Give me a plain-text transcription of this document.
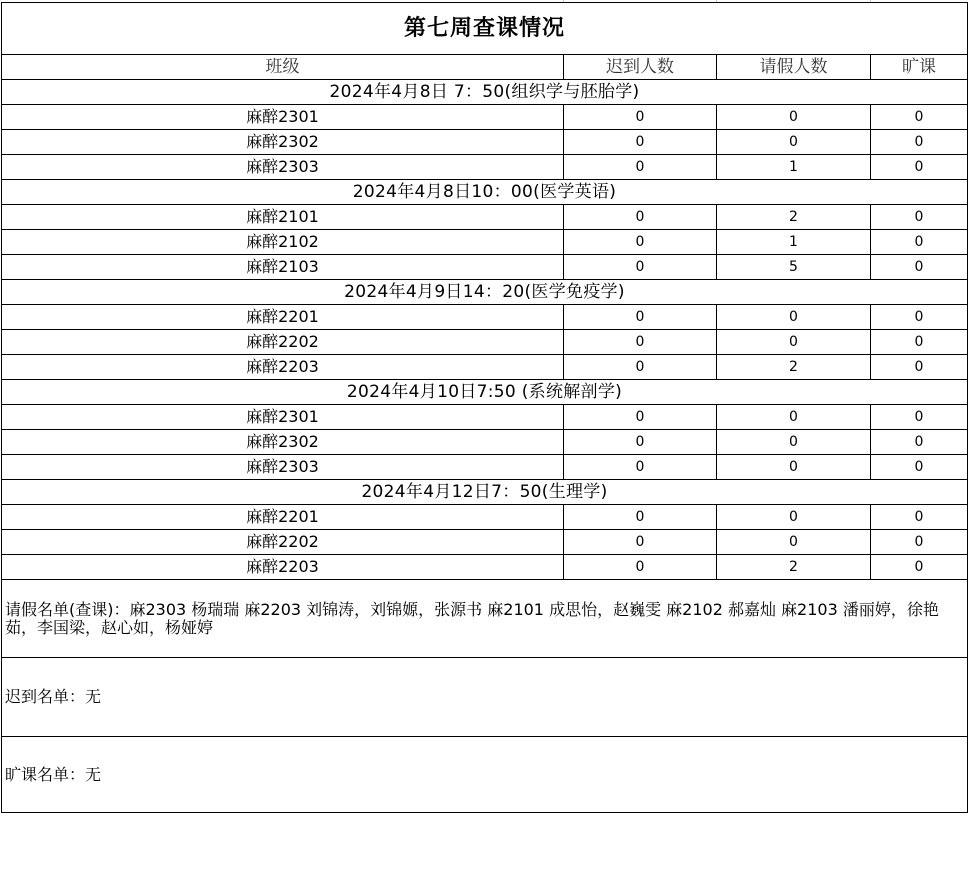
第七周查课情况			
班级	迟到人数	请假人数	旷课
2024年4月8日 7：50(组织学与胚胎学)			
麻醉2301	0	0	0
麻醉2302	0	0	0
麻醉2303	0	1	0
2024年4月8日10：00(医学英语)			
麻醉2101	0	2	0
麻醉2102	0	1	0
麻醉2103	0	5	0
2024年4月9日14：20(医学免疫学)			
麻醉2201	0	0	0
麻醉2202	0	0	0
麻醉2203	0	2	0
2024年4月10日7:50 (系统解剖学)			
麻醉2301	0	0	0
麻醉2302	0	0	0
麻醉2303	0	0	0
2024年4月12日7：50(生理学)			
麻醉2201	0	0	0
麻醉2202	0	0	0
麻醉2203	0	2	0
请假名单(查课)：麻2303 杨瑞瑞 麻2203 刘锦涛，刘锦嫄，张源书 麻2101 成思怡，赵巍雯 麻2102 郝嘉灿 麻2103 潘丽婷，徐艳茹，李国梁，赵心如，杨娅婷			
迟到名单：无			
旷课名单：无			
